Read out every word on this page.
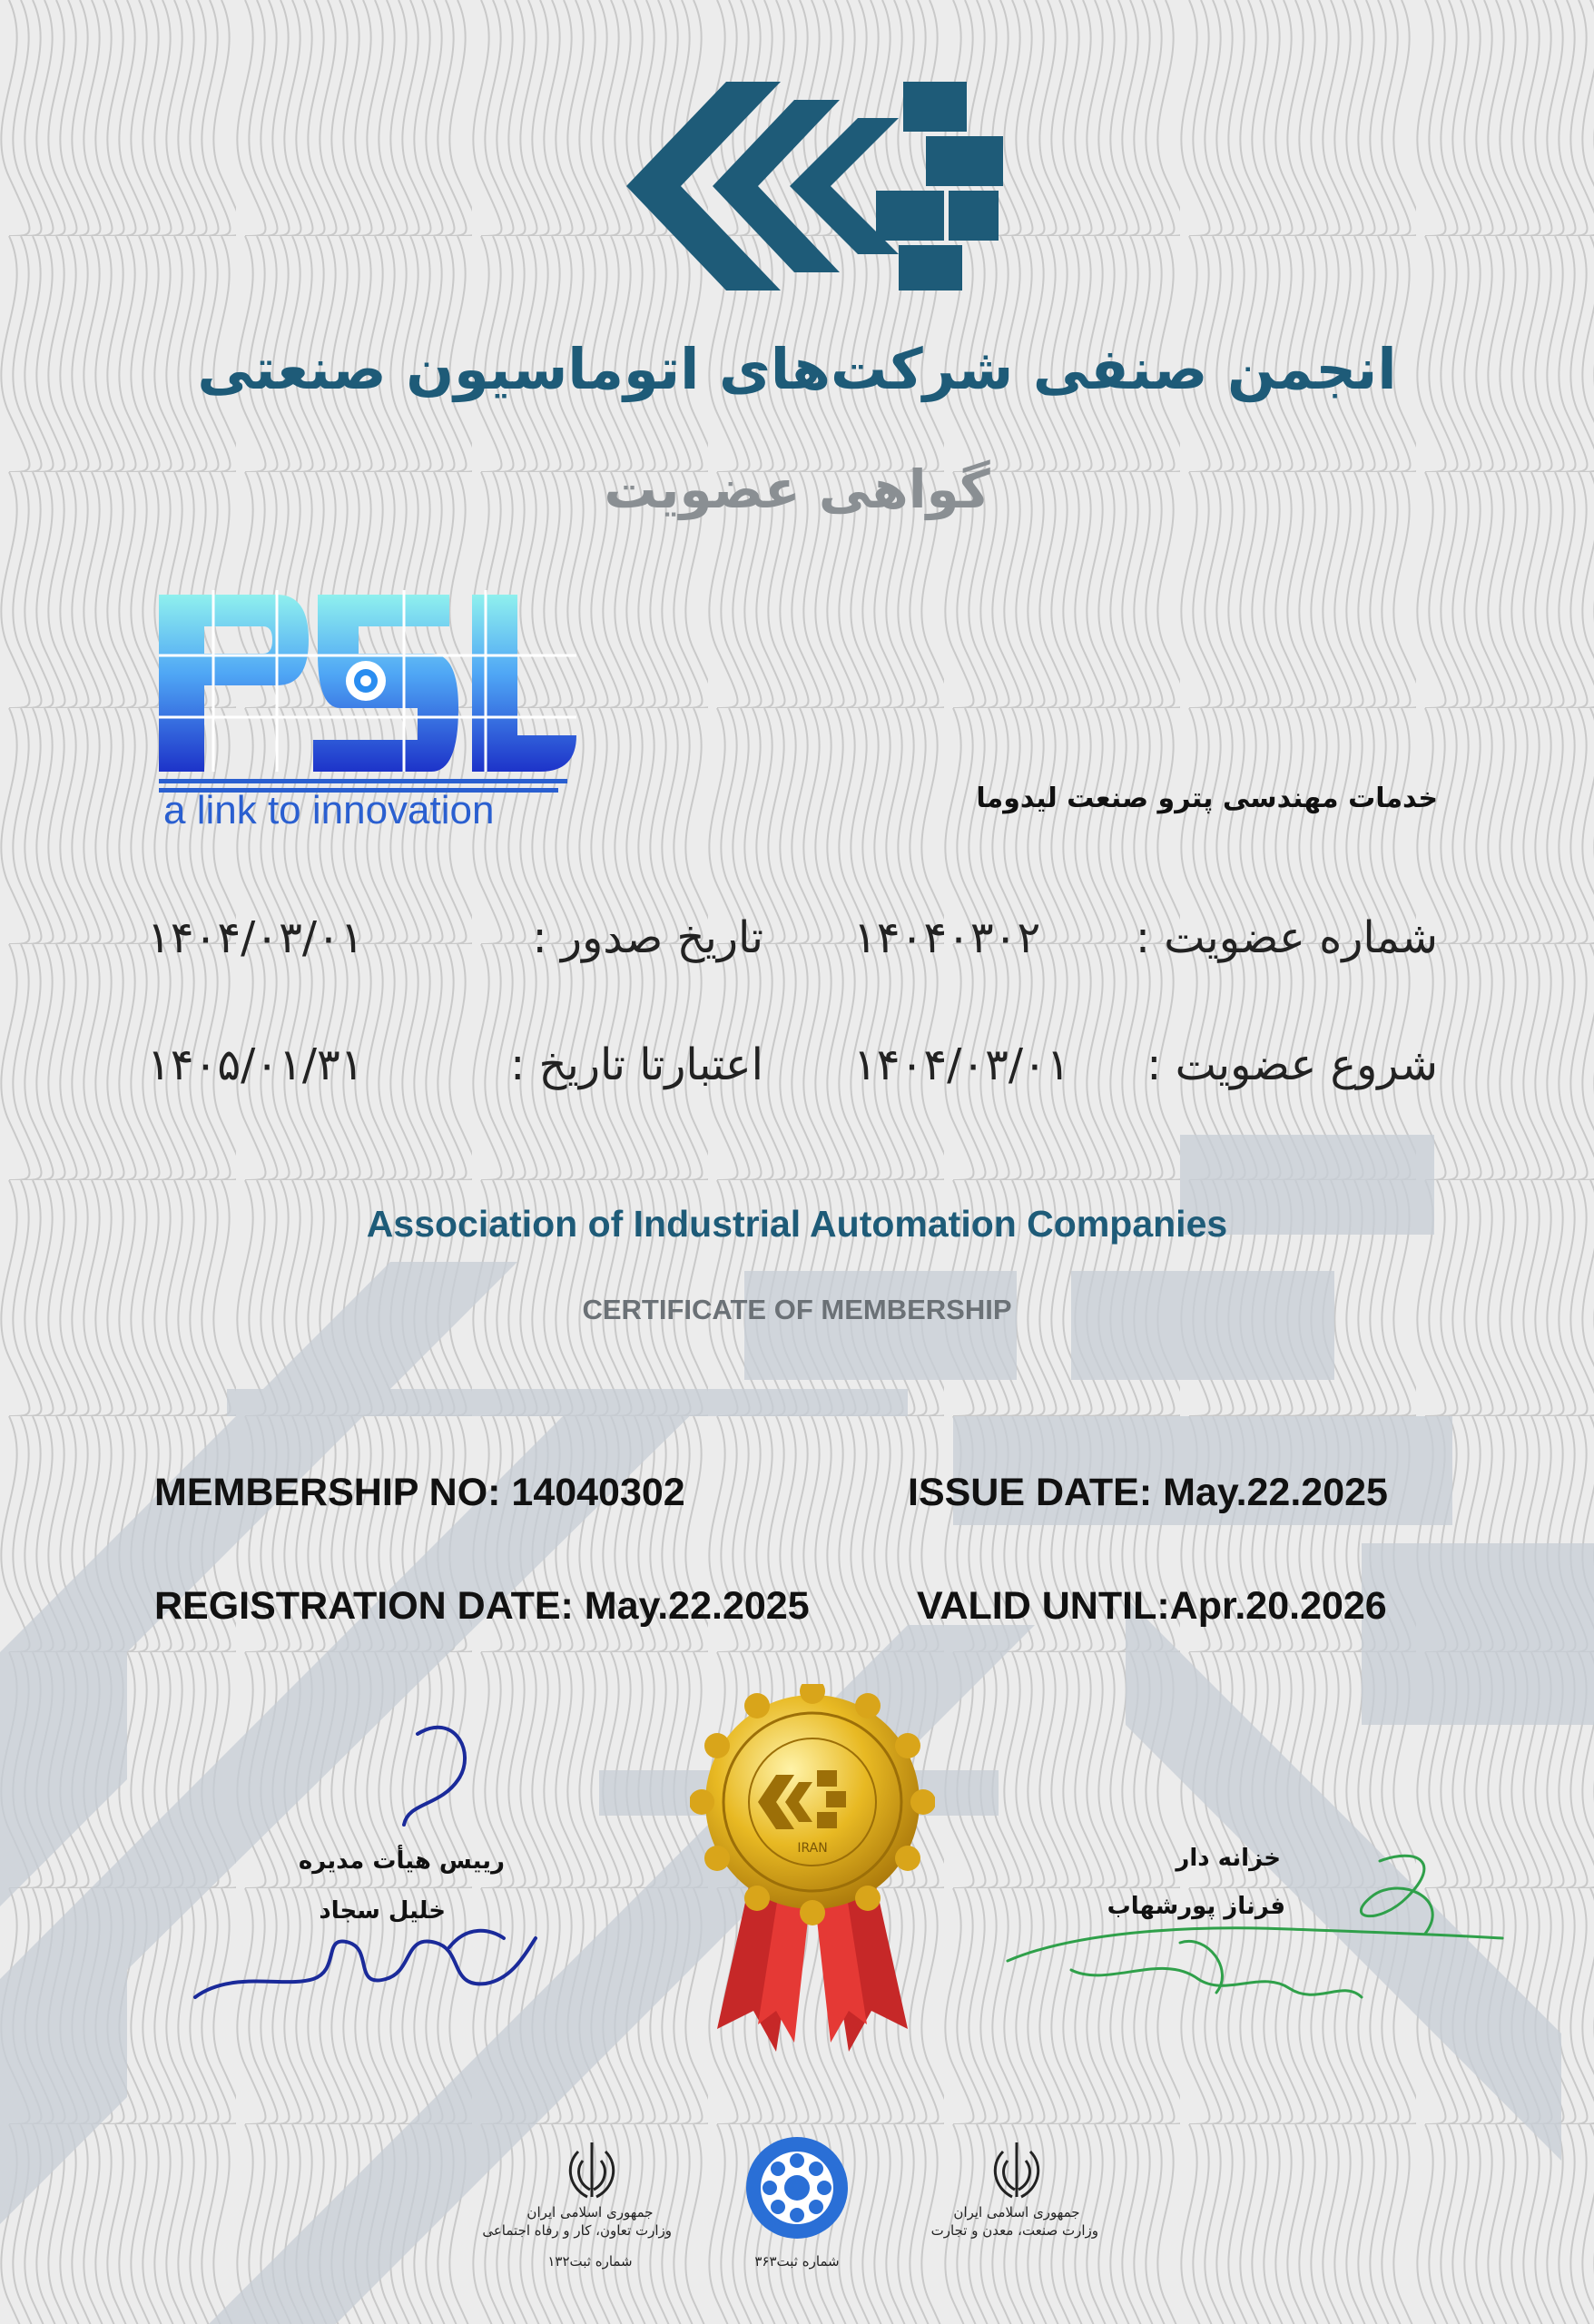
انجمن صنفی شرکت‌های اتوماسیون صنعتی
گواهی عضویت
a link to innovation	خدمات مهندسی پترو صنعت لیدوما
شماره عضویت :
۱۴۰۴۰۳۰۲
تاریخ صدور :
۱۴۰۴/۰۳/۰۱
شروع عضویت :
۱۴۰۴/۰۳/۰۱
اعتبارتا تاریخ :
۱۴۰۵/۰۱/۳۱
Association of Industrial Automation Companies
CERTIFICATE OF MEMBERSHIP
MEMBERSHIP NO: 14040302	ISSUE DATE: May.22.2025
REGISTRATION DATE: May.22.2025	VALID UNTIL:Apr.20.2026
رییس هیأت مدیره
خلیل سجاد
IRAN	خزانه دار
فرناز پورشهاب
جمهوری اسلامی ایران
وزارت تعاون، کار و رفاه اجتماعی
شماره ثبت۱۳۲	شماره ثبت۳۶۳
جمهوری اسلامی ایران
وزارت صنعت، معدن و تجارت
